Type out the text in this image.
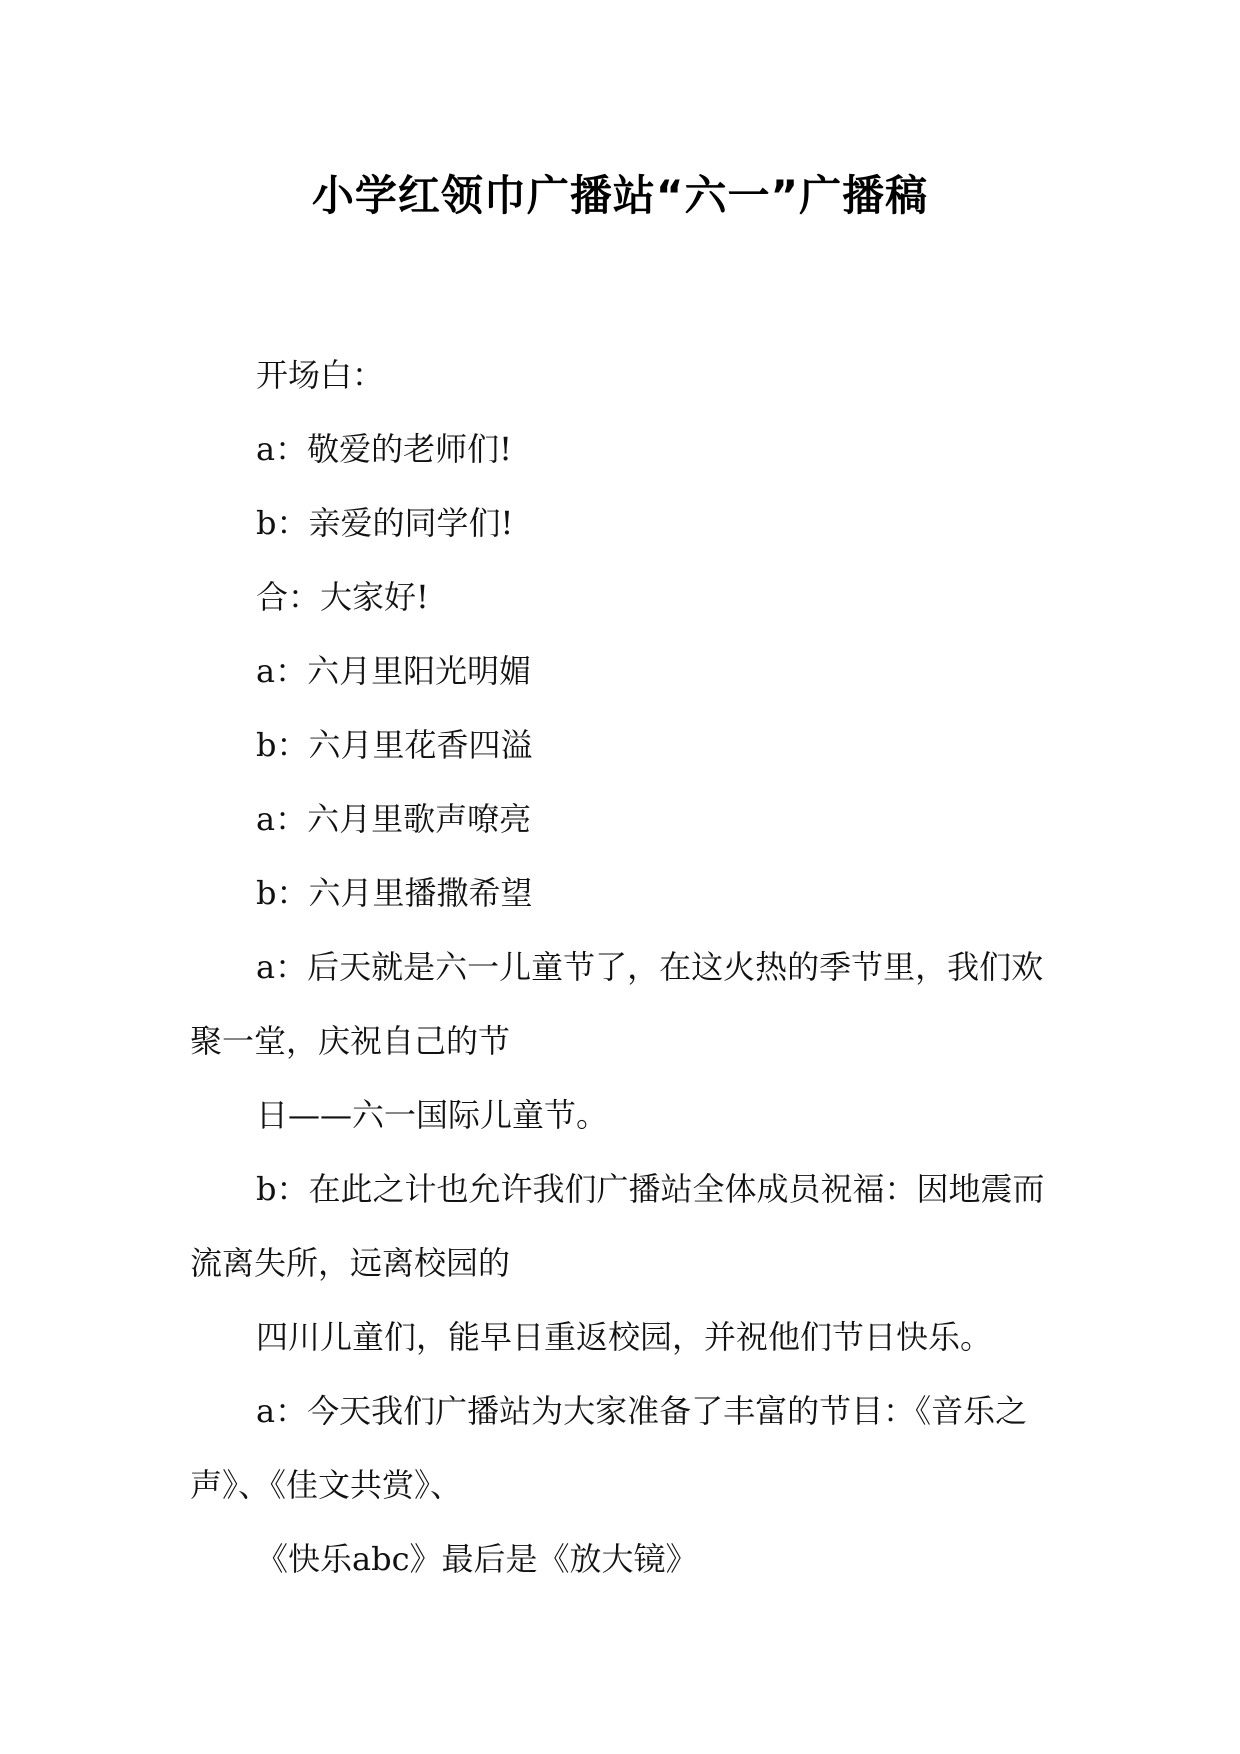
小学红领巾广播站“六一”广播稿

开场白：

a：敬爱的老师们!

b：亲爱的同学们!

合：大家好!

a：六月里阳光明媚

b：六月里花香四溢

a：六月里歌声嘹亮

b：六月里播撒希望

a：后天就是六一儿童节了，在这火热的季节里，我们欢聚一堂，庆祝自己的节

日——六一国际儿童节。

b：在此之计也允许我们广播站全体成员祝福：因地震而流离失所，远离校园的

四川儿童们，能早日重返校园，并祝他们节日快乐。

a：今天我们广播站为大家准备了丰富的节目：《音乐之声》、《佳文共赏》、

《快乐abc》最后是《放大镜》
